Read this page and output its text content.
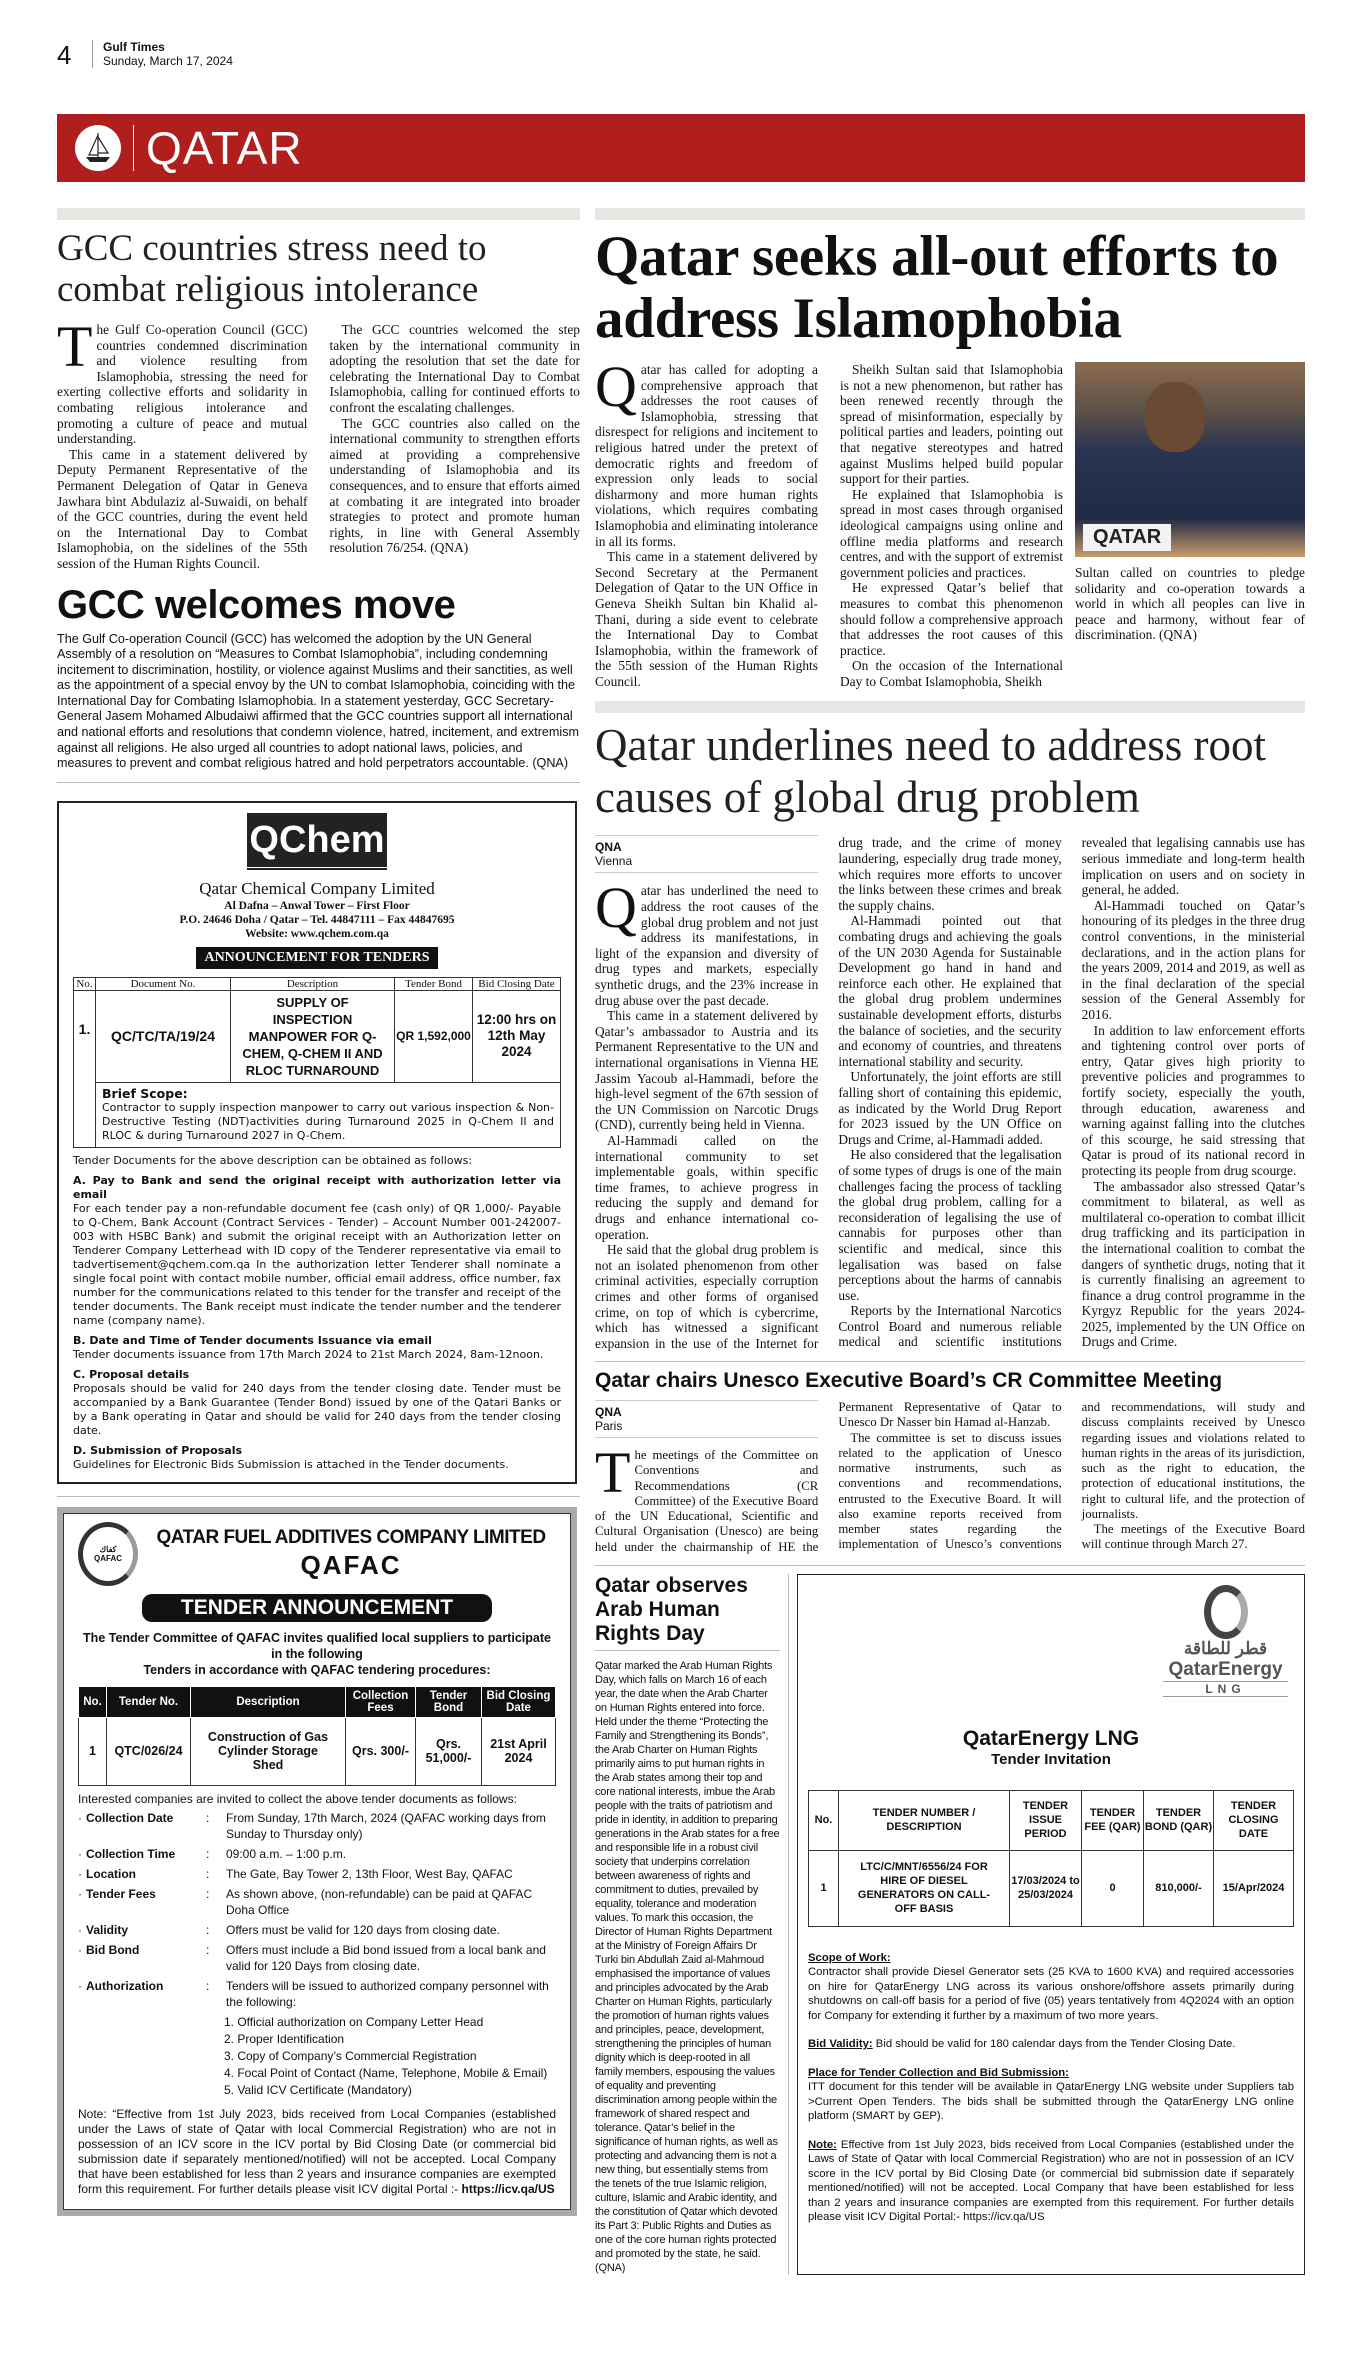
4	Gulf Times
Sunday, March 17, 2024
QATAR
GCC countries stress need to combat religious intolerance

The Gulf Co-operation Council (GCC) countries condemned discrimination and violence resulting from Islamophobia, stressing the need for exerting collective efforts and solidarity in combating religious intolerance and promoting a culture of peace and mutual understanding.

This came in a statement delivered by Deputy Permanent Representative of the Permanent Delegation of Qatar in Geneva Jawhara bint Abdulaziz al-Suwaidi, on behalf of the GCC countries, during the event held on the International Day to Combat Islamophobia, on the sidelines of the 55th session of the Human Rights Council.

The GCC countries welcomed the step taken by the international community in adopting the resolution that set the date for celebrating the International Day to Combat Islamophobia, calling for continued efforts to confront the escalating challenges.

The GCC countries also called on the international community to strengthen efforts aimed at providing a comprehensive understanding of Islamophobia and its consequences, and to ensure that efforts aimed at combating it are integrated into broader strategies to protect and promote human rights, in line with General Assembly resolution 76/254. (QNA)

GCC welcomes move

The Gulf Co-operation Council (GCC) has welcomed the adoption by the UN General Assembly of a resolution on “Measures to Combat Islamophobia”, including condemning incitement to discrimination, hostility, or violence against Muslims and their sanctities, as well as the appointment of a special envoy by the UN to combat Islamophobia, coinciding with the International Day for Combating Islamophobia. In a statement yesterday, GCC Secretary-General Jasem Mohamed Albudaiwi affirmed that the GCC countries support all international and national efforts and resolutions that condemn violence, hatred, incitement, and extremism against all religions. He also urged all countries to adopt national laws, policies, and measures to prevent and combat religious hatred and hold perpetrators accountable. (QNA)

QChem
Qatar Chemical Company Limited
Al Dafna – Anwal Tower – First Floor
P.O. 24646 Doha / Qatar – Tel. 44847111 – Fax 44847695
Website: www.qchem.com.qa
ANNOUNCEMENT FOR TENDERS
No.	Document No.	Description	Tender Bond	Bid Closing Date
1.	QC/TC/TA/19/24	SUPPLY OF INSPECTION MANPOWER FOR Q-CHEM, Q-CHEM II AND RLOC TURNAROUND	QR 1,592,000	12:00 hrs on 12th May 2024

	Brief Scope:
Contractor to supply inspection manpower to carry out various inspection & Non-Destructive Testing (NDT)activities during Turnaround 2025 in Q-Chem II and RLOC & during Turnaround 2027 in Q-Chem.			
Tender Documents for the above description can be obtained as follows:
A. Pay to Bank and send the original receipt with authorization letter via email
For each tender pay a non-refundable document fee (cash only) of QR 1,000/- Payable to Q-Chem, Bank Account (Contract Services - Tender) – Account Number 001-242007-003 with HSBC Bank) and submit the original receipt with an Authorization letter on Tenderer Company Letterhead with ID copy of the Tenderer representative via email to tadvertisement@qchem.com.qa In the authorization letter Tenderer shall nominate a single focal point with contact mobile number, official email address, office number, fax number for the communications related to this tender for the transfer and receipt of the tender documents. The Bank receipt must indicate the tender number and the tenderer name (company name).
B. Date and Time of Tender documents Issuance via email
Tender documents issuance from 17th March 2024 to 21st March 2024, 8am-12noon.
C. Proposal details
Proposals should be valid for 240 days from the tender closing date. Tender must be accompanied by a Bank Guarantee (Tender Bond) issued by one of the Qatari Banks or by a Bank operating in Qatar and should be valid for 240 days from the tender closing date.
D. Submission of Proposals
Guidelines for Electronic Bids Submission is attached in the Tender documents.
كفاك
QAFAC
QATAR FUEL ADDITIVES COMPANY LIMITED
QAFAC
TENDER ANNOUNCEMENT
The Tender Committee of QAFAC invites qualified local suppliers to participate in the following
Tenders in accordance with QAFAC tendering procedures:
No.	Tender No.	Description	Collection Fees	Tender Bond	Bid Closing Date
1	QTC/026/24	Construction of Gas Cylinder Storage Shed	Qrs. 300/-	Qrs. 51,000/-	21st April 2024
Interested companies are invited to collect the above tender documents as follows:
· Collection Date	:	From Sunday, 17th March, 2024 (QAFAC working days from Sunday to Thursday only)
· Collection Time	:	09:00 a.m. – 1:00 p.m.
· Location	:	The Gate, Bay Tower 2, 13th Floor, West Bay, QAFAC
· Tender Fees	:	As shown above, (non-refundable) can be paid at QAFAC Doha Office
· Validity	:	Offers must be valid for 120 days from closing date.
· Bid Bond	:	Offers must include a Bid bond issued from a local bank and valid for 120 Days from closing date.
· Authorization	:	Tenders will be issued to authorized company personnel with the following:
1. Official authorization on Company Letter Head
2. Proper Identification
3. Copy of Company’s Commercial Registration
4. Focal Point of Contact (Name, Telephone, Mobile & Email)
5. Valid ICV Certificate (Mandatory)
Note: “Effective from 1st July 2023, bids received from Local Companies (established under the Laws of state of Qatar with local Commercial Registration) who are not in possession of an ICV score in the ICV portal by Bid Closing Date (or commercial bid submission date if separately mentioned/notified) will not be accepted. Local Company that have been established for less than 2 years and insurance companies are exempted form this requirement. For further details please visit ICV digital Portal :- https://icv.qa/US
Qatar seeks all-out efforts to address Islamophobia

Qatar has called for adopting a comprehensive approach that addresses the root causes of Islamophobia, stressing that disrespect for religions and incitement to religious hatred under the pretext of democratic rights and freedom of expression only leads to social disharmony and more human rights violations, which requires combating Islamophobia and eliminating intolerance in all its forms.

This came in a statement delivered by Second Secretary at the Permanent Delegation of Qatar to the UN Office in Geneva Sheikh Sultan bin Khalid al-Thani, during a side event to celebrate the International Day to Combat Islamophobia, within the framework of the 55th session of the Human Rights Council.

Sheikh Sultan said that Islamophobia is not a new phenomenon, but rather has been renewed recently through the spread of misinformation, especially by political parties and leaders, pointing out that negative stereotypes and hatred against Muslims helped build popular support for their parties.

He explained that Islamophobia is spread in most cases through organised ideological campaigns using online and offline media platforms and research centres, and with the support of extremist government policies and practices.

He expressed Qatar’s belief that measures to combat this phenomenon should follow a comprehensive approach that addresses the root causes of this practice.

On the occasion of the International Day to Combat Islamophobia, Sheikh

QATAR
Sultan called on countries to pledge solidarity and co-operation towards a world in which all peoples can live in peace and harmony, without fear of discrimination. (QNA)
Qatar underlines need to address root causes of global drug problem
QNA
Vienna

Qatar has underlined the need to address the root causes of the global drug problem and not just address its manifestations, in light of the expansion and diversity of drug types and markets, especially synthetic drugs, and the 23% increase in drug abuse over the past decade.

This came in a statement delivered by Qatar’s ambassador to Austria and its Permanent Representative to the UN and international organisations in Vienna HE Jassim Yacoub al-Hammadi, before the high-level segment of the 67th session of the UN Commission on Narcotic Drugs (CND), currently being held in Vienna.

Al-Hammadi called on the international community to set implementable goals, within specific time frames, to achieve progress in reducing the supply and demand for drugs and enhance international co-operation.

He said that the global drug problem is not an isolated phenomenon from other criminal activities, especially corruption crimes and other forms of organised crime, on top of which is cybercrime, which has witnessed a significant expansion in the use of the Internet for drug trade, and the crime of money laundering, especially drug trade money, which requires more efforts to uncover the links between these crimes and break the supply chains.

Al-Hammadi pointed out that combating drugs and achieving the goals of the UN 2030 Agenda for Sustainable Development go hand in hand and reinforce each other. He explained that the global drug problem undermines sustainable development efforts, disturbs the balance of societies, and the security and economy of countries, and threatens international stability and security.

Unfortunately, the joint efforts are still falling short of containing this epidemic, as indicated by the World Drug Report for 2023 issued by the UN Office on Drugs and Crime, al-Hammadi added.

He also considered that the legalisation of some types of drugs is one of the main challenges facing the process of tackling the global drug problem, calling for a reconsideration of legalising the use of cannabis for purposes other than scientific and medical, since this legalisation was based on false perceptions about the harms of cannabis use.

Reports by the International Narcotics Control Board and numerous reliable medical and scientific institutions revealed that legalising cannabis use has serious immediate and long-term health implication on users and on society in general, he added.

Al-Hammadi touched on Qatar’s honouring of its pledges in the three drug control conventions, in the ministerial declarations, and in the action plans for the years 2009, 2014 and 2019, as well as in the final declaration of the special session of the General Assembly for 2016.

In addition to law enforcement efforts and tightening control over ports of entry, Qatar gives high priority to preventive policies and programmes to fortify society, especially the youth, through education, awareness and warning against falling into the clutches of this scourge, he said stressing that Qatar is proud of its national record in protecting its people from drug scourge.

The ambassador also stressed Qatar’s commitment to bilateral, as well as multilateral co-operation to combat illicit drug trafficking and its participation in the international coalition to combat the dangers of synthetic drugs, noting that it is currently finalising an agreement to finance a drug control programme in the Kyrgyz Republic for the years 2024-2025, implemented by the UN Office on Drugs and Crime.

Qatar chairs Unesco Executive Board’s CR Committee Meeting
QNA
Paris

The meetings of the Committee on Conventions and Recommendations (CR Committee) of the Executive Board of the UN Educational, Scientific and Cultural Organisation (Unesco) are being held under the chairmanship of HE the Permanent Representative of Qatar to Unesco Dr Nasser bin Hamad al-Hanzab.

The committee is set to discuss issues related to the application of Unesco normative instruments, such as conventions and recommendations, entrusted to the Executive Board. It will also examine reports received from member states regarding the implementation of Unesco’s conventions and recommendations, will study and discuss complaints received by Unesco regarding issues and violations related to human rights in the areas of its jurisdiction, such as the right to education, the protection of educational institutions, the right to cultural life, and the protection of journalists.

The meetings of the Executive Board will continue through March 27.

Qatar observes Arab Human Rights Day

Qatar marked the Arab Human Rights Day, which falls on March 16 of each year, the date when the Arab Charter on Human Rights entered into force. Held under the theme “Protecting the Family and Strengthening its Bonds”, the Arab Charter on Human Rights primarily aims to put human rights in the Arab states among their top and core national interests, imbue the Arab people with the traits of patriotism and pride in identity, in addition to preparing generations in the Arab states for a free and responsible life in a robust civil society that underpins correlation between awareness of rights and commitment to duties, prevailed by equality, tolerance and moderation values. To mark this occasion, the Director of Human Rights Department at the Ministry of Foreign Affairs Dr Turki bin Abdullah Zaid al-Mahmoud emphasised the importance of values and principles advocated by the Arab Charter on Human Rights, particularly the promotion of human rights values and principles, peace, development, strengthening the principles of human dignity which is deep-rooted in all family members, espousing the values of equality and preventing discrimination among people within the framework of shared respect and tolerance. Qatar’s belief in the significance of human rights, as well as protecting and advancing them is not a new thing, but essentially stems from the tenets of the true Islamic religion, culture, Islamic and Arabic identity, and the constitution of Qatar which devoted its Part 3: Public Rights and Duties as one of the core human rights protected and promoted by the state, he said. (QNA)

قطر للطاقة
QatarEnergy
LNG
QatarEnergy LNG
Tender Invitation
No.	TENDER NUMBER / DESCRIPTION	TENDER ISSUE PERIOD	TENDER FEE (QAR)	TENDER BOND (QAR)	TENDER CLOSING DATE
1	LTC/C/MNT/6556/24 FOR HIRE OF DIESEL GENERATORS ON CALL-OFF BASIS	17/03/2024 to 25/03/2024	0	810,000/-	15/Apr/2024
Scope of Work:
Contractor shall provide Diesel Generator sets (25 KVA to 1600 KVA) and required accessories on hire for QatarEnergy LNG across its various onshore/offshore assets primarily during shutdowns on call-off basis for a period of five (05) years tentatively from 4Q2024 with an option for Company for extending it further by a maximum of two more years.
Bid Validity: Bid should be valid for 180 calendar days from the Tender Closing Date.
Place for Tender Collection and Bid Submission:
ITT document for this tender will be available in QatarEnergy LNG website under Suppliers tab >Current Open Tenders. The bids shall be submitted through the QatarEnergy LNG online platform (SMART by GEP).
Note: Effective from 1st July 2023, bids received from Local Companies (established under the Laws of State of Qatar with local Commercial Registration) who are not in possession of an ICV score in the ICV portal by Bid Closing Date (or commercial bid submission date if separately mentioned/notified) will not be accepted. Local Company that have been established for less than 2 years and insurance companies are exempted from this requirement. For further details please visit ICV Digital Portal:- https://icv.qa/US
